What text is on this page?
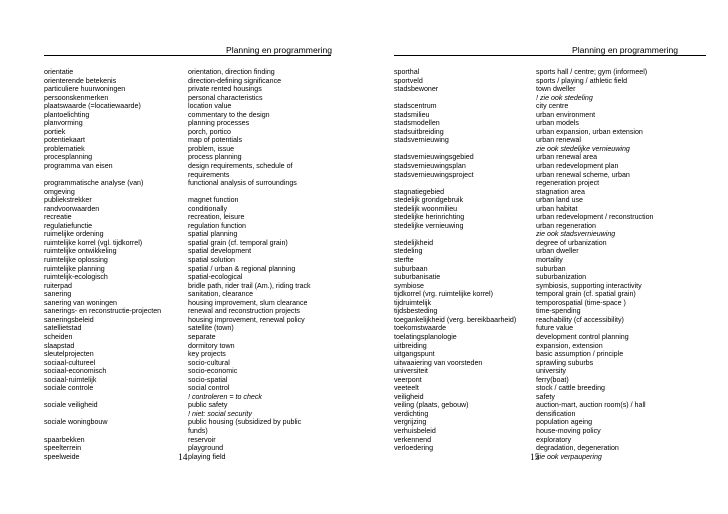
Planning en programmering
orientatie
orienterende betekenis
particuliere huurwoningen
persoonskenmerken
plaatswaarde (=locatiewaarde)
plantoelichting
planvorming
portiek
potentiekaart
problematiek
procesplanning
programma van eisen
programmatische analyse (van)
omgeving
publiekstrekker
randvoorwaarden
recreatie
regulatiefunctie
ruimelijke ordening
ruimtelijke korrel (vgl. tijdkorrel)
ruimtelijke ontwikkeling
ruimtelijke oplossing
ruimtelijke planning
ruimtelijk-ecologisch
ruiterpad
sanering
sanering van woningen
sanerings- en reconstructie-projecten
saneringsbeleid
satellietstad
scheiden
slaapstad
sleutelprojecten
sociaal-cultureel
sociaal-economisch
sociaal-ruimtelijk
sociale controle
sociale veiligheid
sociale woningbouw
spaarbekken
speelterrein
speelweide
orientation, direction finding
direction-defining significance
private rented housings
personal characteristics
location value
commentary to the design
planning processes
porch, portico
map of potentials
problem, issue
process planning
design requirements, schedule of
requirements
functional analysis of surroundings
magnet function
conditionally
recreation, leisure
regulation function
spatial planning
spatial grain (cf. temporal grain)
spatial development
spatial solution
spatial / urban & regional planning
spatial-ecological
bridle path, rider trail (Am.), riding track
sanitation, clearance
housing improvement, slum clearance
renewal and reconstruction projects
housing improvement, renewal policy
satellite (town)
separate
dormitory town
key projects
socio-cultural
socio-economic
socio-spatial
social control
! controleren = to check
public safety
! niet: social security
public housing (subsidized by public
funds)
reservoir
playground
playing field
14
Planning en programmering
sporthal
sportveld
stadsbewoner
stadscentrum
stadsmilieu
stadsmodellen
stadsuitbreiding
stadsvernieuwing
stadsvernieuwingsgebied
stadsvernieuwingsplan
stadsvernieuwingsproject
stagnatiegebied
stedelijk grondgebruik
stedelijk woonmilieu
stedelijke herinrichting
stedelijke vernieuwing
stedelijkheid
stedeling
sterfte
suburbaan
suburbanisatie
symbiose
tijdkorrel (vrg. ruimtelijke korrel)
tijdruimtelijk
tijdsbesteding
toegankelijkheid (verg. bereikbaarheid)
toekomstwaarde
toelatingsplanologie
uitbreiding
uitgangspunt
uitwaaiering van voorsteden
universiteit
veerpont
veeteelt
veiligheid
veiling (plaats, gebouw)
verdichting
vergrijzing
verhuisbeleid
verkennend
verloedering
sports hall / centre; gym (informeel)
sports / playing / athletic field
town dweller
! zie ook stedeling
city centre
urban environment
urban models
urban expansion, urban extension
urban renewal
zie ook stedelijke vernieuwing
urban renewal area
urban redevelopment plan
urban renewal scheme, urban
regeneration project
stagnation area
urban land use
urban habitat
urban redevelopment / reconstruction
urban regeneration
zie ook stadsvernieuwing
degree of urbanization
urban dweller
mortality
suburban
suburbanization
symbiosis, supporting interactivity
temporal grain (cf. spatial grain)
temporospatial (time-space )
time-spending
reachability (cf accessibility)
future value
development control planning
expansion, extension
basic assumption / principle
sprawling suburbs
university
ferry(boat)
stock / cattle breeding
safety
auction-mart, auction room(s) / hall
densification
population ageing
house-moving policy
exploratory
degradation, degeneration
zie ook verpaupering
15
